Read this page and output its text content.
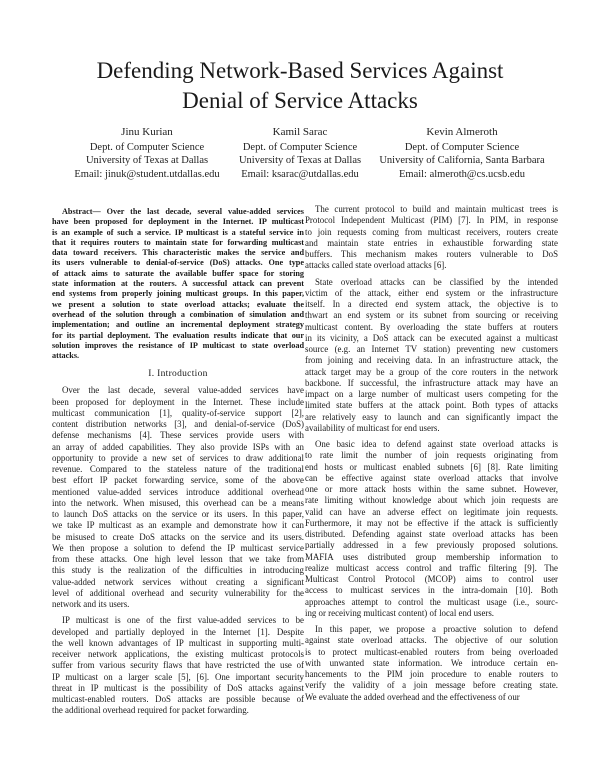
Defending Network-Based Services Against
Denial of Service Attacks
Jinu Kurian
Dept. of Computer Science
University of Texas at Dallas
Email: jinuk@student.utdallas.edu
Kamil Sarac
Dept. of Computer Science
University of Texas at Dallas
Email: ksarac@utdallas.edu
Kevin Almeroth
Dept. of Computer Science
University of California, Santa Barbara
Email: almeroth@cs.ucsb.edu
Abstract— Over the last decade, several value-added services
have been proposed for deployment in the Internet. IP multicast
is an example of such a service. IP multicast is a stateful service in
that it requires routers to maintain state for forwarding multicast
data toward receivers. This characteristic makes the service and
its users vulnerable to denial-of-service (DoS) attacks. One type
of attack aims to saturate the available buffer space for storing
state information at the routers. A successful attack can prevent
end systems from properly joining multicast groups. In this paper,
we present a solution to state overload attacks; evaluate the
overhead of the solution through a combination of simulation and
implementation; and outline an incremental deployment strategy
for its partial deployment. The evaluation results indicate that our
solution improves the resistance of IP multicast to state overload
attacks.
I. Introduction
Over the last decade, several value-added services have
been proposed for deployment in the Internet. These include
multicast communication [1], quality-of-service support [2],
content distribution networks [3], and denial-of-service (DoS)
defense mechanisms [4]. These services provide users with
an array of added capabilities. They also provide ISPs with an
opportunity to provide a new set of services to draw additional
revenue. Compared to the stateless nature of the traditional
best effort IP packet forwarding service, some of the above
mentioned value-added services introduce additional overhead
into the network. When misused, this overhead can be a means
to launch DoS attacks on the service or its users. In this paper,
we take IP multicast as an example and demonstrate how it can
be misused to create DoS attacks on the service and its users.
We then propose a solution to defend the IP multicast service
from these attacks. One high level lesson that we take from
this study is the realization of the difficulties in introducing
value-added network services without creating a significant
level of additional overhead and security vulnerability for the
network and its users.
IP multicast is one of the first value-added services to be
developed and partially deployed in the Internet [1]. Despite
the well known advantages of IP multicast in supporting multi-
receiver network applications, the existing multicast protocols
suffer from various security flaws that have restricted the use of
IP multicast on a larger scale [5], [6]. One important security
threat in IP multicast is the possibility of DoS attacks against
multicast-enabled routers. DoS attacks are possible because of
the additional overhead required for packet forwarding.
The current protocol to build and maintain multicast trees is
Protocol Independent Multicast (PIM) [7]. In PIM, in response
to join requests coming from multicast receivers, routers create
and maintain state entries in exhaustible forwarding state
buffers. This mechanism makes routers vulnerable to DoS
attacks called state overload attacks [6].
State overload attacks can be classified by the intended
victim of the attack, either end system or the infrastructure
itself. In a directed end system attack, the objective is to
thwart an end system or its subnet from sourcing or receiving
multicast content. By overloading the state buffers at routers
in its vicinity, a DoS attack can be executed against a multicast
source (e.g. an Internet TV station) preventing new customers
from joining and receiving data. In an infrastructure attack, the
attack target may be a group of the core routers in the network
backbone. If successful, the infrastructure attack may have an
impact on a large number of multicast users competing for the
limited state buffers at the attack point. Both types of attacks
are relatively easy to launch and can significantly impact the
availability of multicast for end users.
One basic idea to defend against state overload attacks is
to rate limit the number of join requests originating from
end hosts or multicast enabled subnets [6] [8]. Rate limiting
can be effective against state overload attacks that involve
one or more attack hosts within the same subnet. However,
rate limiting without knowledge about which join requests are
valid can have an adverse effect on legitimate join requests.
Furthermore, it may not be effective if the attack is sufficiently
distributed. Defending against state overload attacks has been
partially addressed in a few previously proposed solutions.
MAFIA uses distributed group membership information to
realize multicast access control and traffic filtering [9]. The
Multicast Control Protocol (MCOP) aims to control user
access to multicast services in the intra-domain [10]. Both
approaches attempt to control the multicast usage (i.e., sourc-
ing or receiving multicast content) of local end users.
In this paper, we propose a proactive solution to defend
against state overload attacks. The objective of our solution
is to protect multicast-enabled routers from being overloaded
with unwanted state information. We introduce certain en-
hancements to the PIM join procedure to enable routers to
verify the validity of a join message before creating state.
We evaluate the added overhead and the effectiveness of our
